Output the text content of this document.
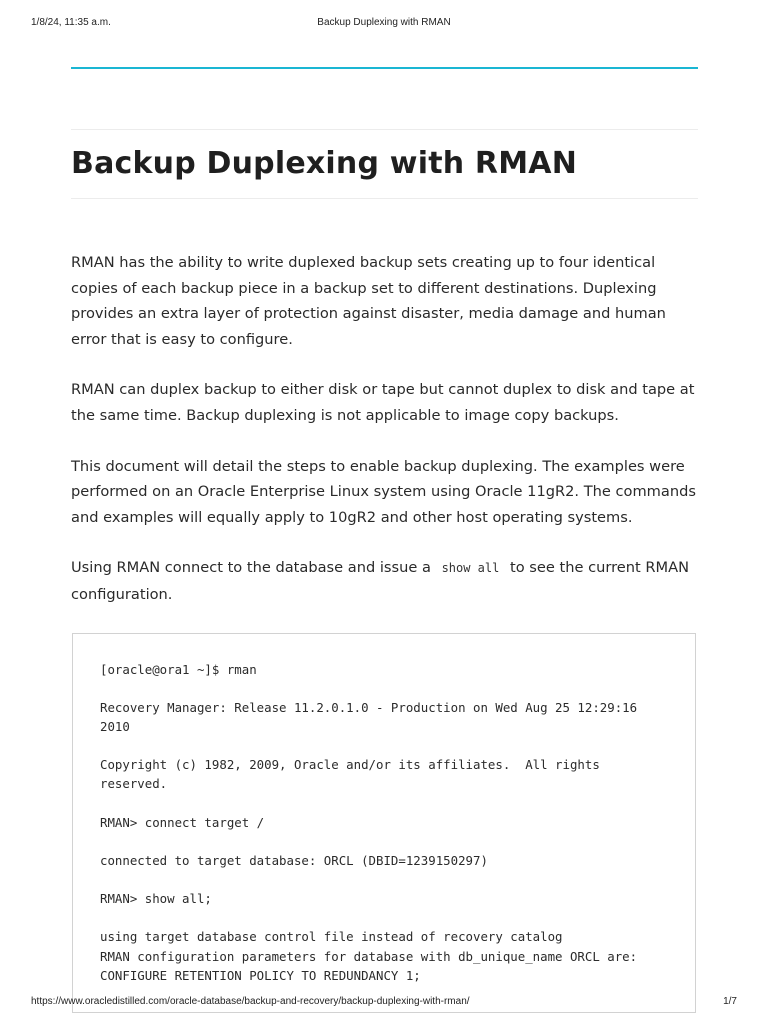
1/8/24, 11:35 a.m.	Backup Duplexing with RMAN
Backup Duplexing with RMAN

RMAN has the ability to write duplexed backup sets creating up to four identical copies of each backup piece in a backup set to different destinations. Duplexing provides an extra layer of protection against disaster, media damage and human error that is easy to configure.

RMAN can duplex backup to either disk or tape but cannot duplex to disk and tape at the same time. Backup duplexing is not applicable to image copy backups.

This document will detail the steps to enable backup duplexing. The examples were performed on an Oracle Enterprise Linux system using Oracle 11gR2. The commands and examples will equally apply to 10gR2 and other host operating systems.

Using RMAN connect to the database and issue a show all to see the current RMAN configuration.

[oracle@ora1 ~]$ rman
Recovery Manager: Release 11.2.0.1.0 - Production on Wed Aug 25 12:29:16
2010
Copyright (c) 1982, 2009, Oracle and/or its affiliates.  All rights
reserved.
RMAN> connect target /
connected to target database: ORCL (DBID=1239150297)
RMAN> show all;
using target database control file instead of recovery catalog
RMAN configuration parameters for database with db_unique_name ORCL are:
CONFIGURE RETENTION POLICY TO REDUNDANCY 1;
https://www.oracledistilled.com/oracle-database/backup-and-recovery/backup-duplexing-with-rman/	1/7
